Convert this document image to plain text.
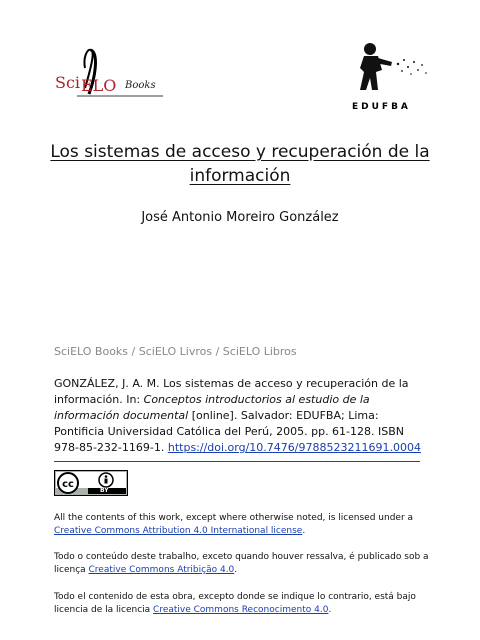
Sci ELO Books
EDUFBA
Los sistemas de acceso y recuperación de la información
José Antonio Moreiro González
SciELO Books / SciELO Livros / SciELO Libros
GONZÁLEZ, J. A. M. Los sistemas de acceso y recuperación de la información. In: Conceptos introductorios al estudio de la información documental [online]. Salvador: EDUFBA; Lima: Pontificia Universidad Católica del Perú, 2005. pp. 61-128. ISBN 978-85-232-1169-1. https://doi.org/10.7476/9788523211691.0004
cc
BY
All the contents of this work, except where otherwise noted, is licensed under a Creative Commons Attribution 4.0 International license.
Todo o conteúdo deste trabalho, exceto quando houver ressalva, é publicado sob a licença Creative Commons Atribição 4.0.
Todo el contenido de esta obra, excepto donde se indique lo contrario, está bajo licencia de la licencia Creative Commons Reconocimento 4.0.
